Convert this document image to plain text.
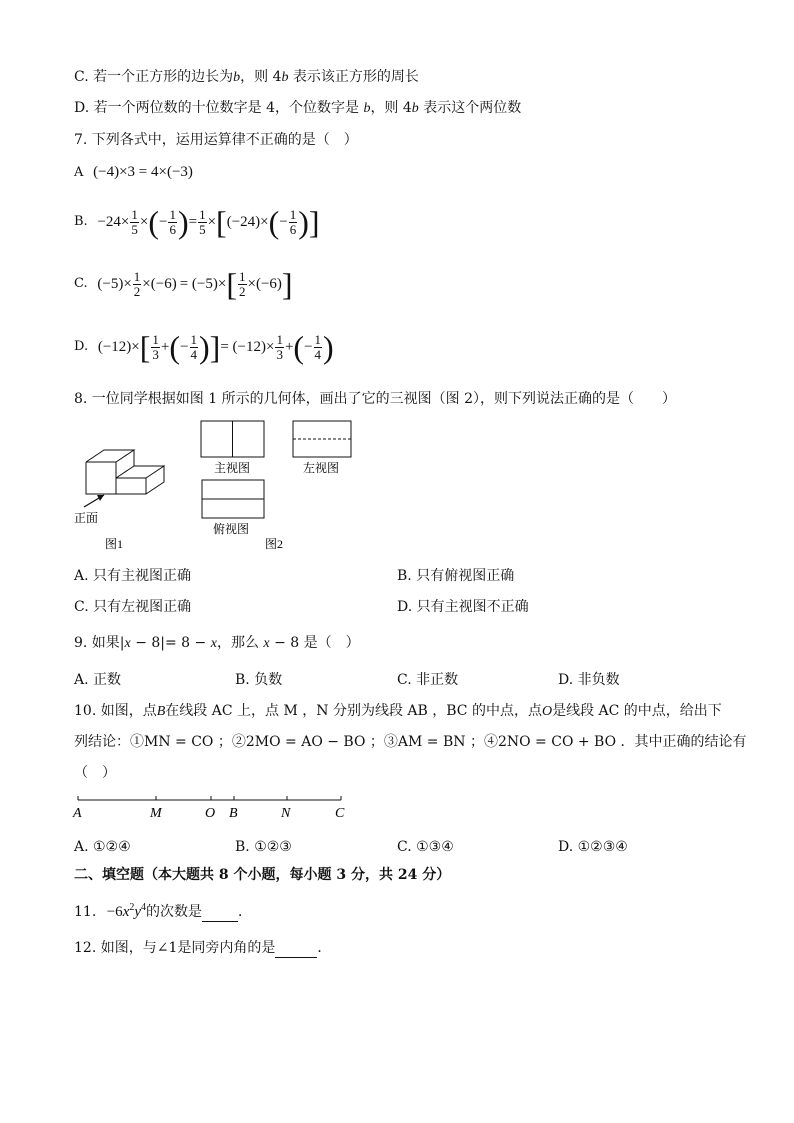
C. 若一个正方形的边长为b，则 4b 表示该正方形的周长
D. 若一个两位数的十位数字是 4，个位数字是 b，则 4b 表示这个两位数
7. 下列各式中，运用运算律不正确的是（　）
A (−4)×3 = 4×(−3)
B. $-24\times \frac{1}{5}$ ×(− $\frac{1}{6}$ )= $\frac{1}{5} \times[(-24)\times(- \frac{1}{6}$ )]
C. $(-5)\times \frac{1}{2} \times(-6) = (-5)\times[ \frac{1}{2} \times(-6)]$
D. $(-12)\times[ \frac{1}{3}$ +(− $\frac{1}{4}$ )]= $(-12)\times \frac{1}{3}$ +(− $\frac{1}{4}$ )
8. 一位同学根据如图 1 所示的几何体，画出了它的三视图（图 2），则下列说法正确的是（　　）
正面
图1
主视图	左视图
俯视图
图2
A. 只有主视图正确	B. 只有俯视图正确
C. 只有左视图正确	D. 只有主视图不正确
9. 如果|x − 8|= 8 − x，那么 x − 8 是（　）
A. 正数	B. 负数	C. 非正数	D. 非负数
10. 如图，点B在线段 AC 上，点 M ，N 分别为线段 AB ，BC 的中点，点O是线段 AC 的中点，给出下
列结论：①MN = CO ；②2MO = AO − BO ；③AM = BN ；④2NO = CO + BO ．其中正确的结论有
（　）
A	M	O B	N	C
A. ①②④	B. ①②③	C. ①③④	D. ①②③④
二、填空题（本大题共 8 个小题，每小题 3 分，共 24 分）
11. $-6x^2y^4$的次数是	．
12. 如图，与∠1是同旁内角的是	．
